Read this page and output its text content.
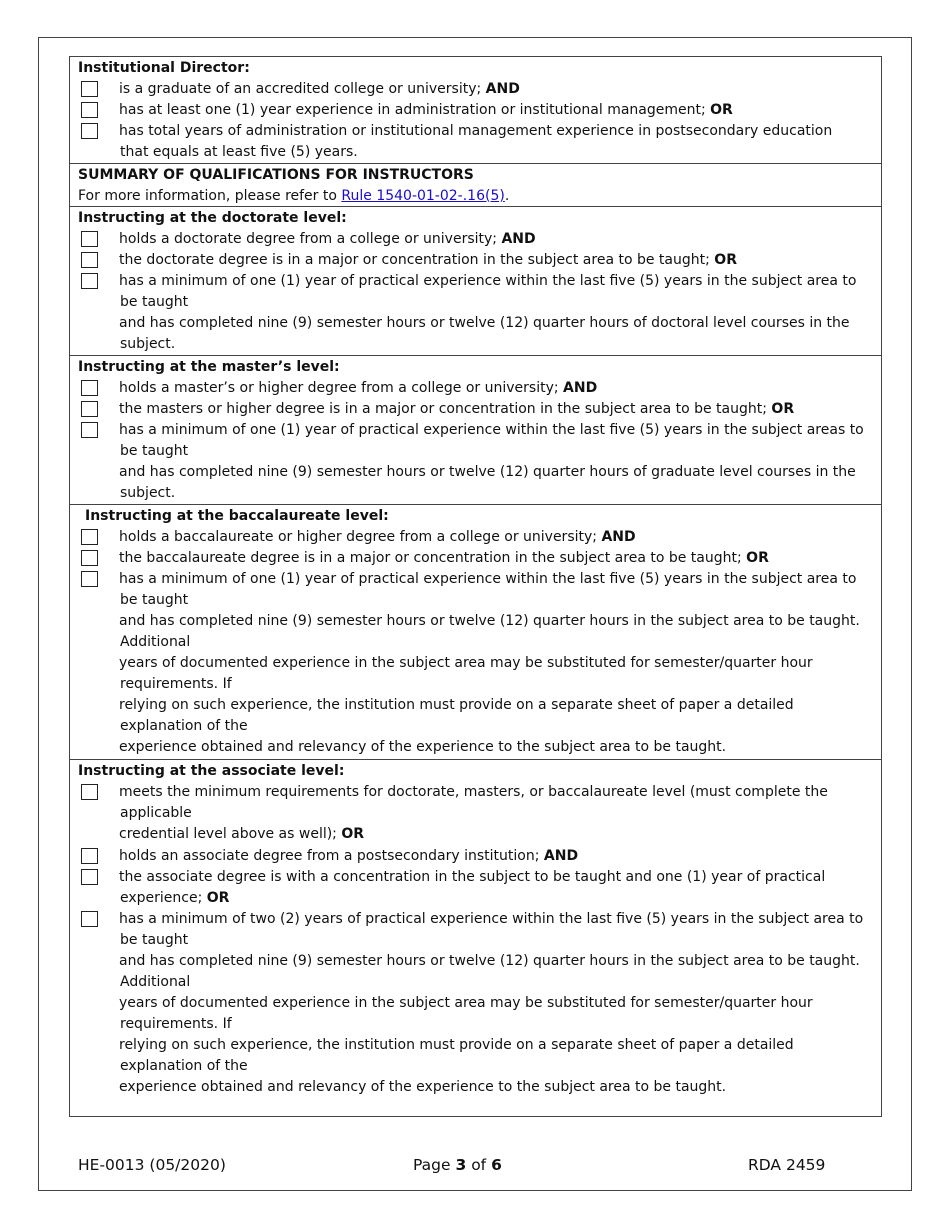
Institutional Director:
is a graduate of an accredited college or university; AND
has at least one (1) year experience in administration or institutional management; OR
has total years of administration or institutional management experience in postsecondary education
that equals at least five (5) years.
SUMMARY OF QUALIFICATIONS FOR INSTRUCTORS
For more information, please refer to Rule 1540-01-02-.16(5).
Instructing at the doctorate level:
holds a doctorate degree from a college or university; AND
the doctorate degree is in a major or concentration in the subject area to be taught; OR
has a minimum of one (1) year of practical experience within the last five (5) years in the subject area to
be taught
and has completed nine (9) semester hours or twelve (12) quarter hours of doctoral level courses in the
subject.
Instructing at the master’s level:
holds a master’s or higher degree from a college or university; AND
the masters or higher degree is in a major or concentration in the subject area to be taught; OR
has a minimum of one (1) year of practical experience within the last five (5) years in the subject areas to
be taught
and has completed nine (9) semester hours or twelve (12) quarter hours of graduate level courses in the
subject.
Instructing at the baccalaureate level:
holds a baccalaureate or higher degree from a college or university; AND
the baccalaureate degree is in a major or concentration in the subject area to be taught; OR
has a minimum of one (1) year of practical experience within the last five (5) years in the subject area to
be taught
and has completed nine (9) semester hours or twelve (12) quarter hours in the subject area to be taught.
Additional
years of documented experience in the subject area may be substituted for semester/quarter hour
requirements. If
relying on such experience, the institution must provide on a separate sheet of paper a detailed
explanation of the
experience obtained and relevancy of the experience to the subject area to be taught.
Instructing at the associate level:
meets the minimum requirements for doctorate, masters, or baccalaureate level (must complete the
applicable
credential level above as well); OR
holds an associate degree from a postsecondary institution; AND
the associate degree is with a concentration in the subject to be taught and one (1) year of practical
experience; OR
has a minimum of two (2) years of practical experience within the last five (5) years in the subject area to
be taught
and has completed nine (9) semester hours or twelve (12) quarter hours in the subject area to be taught.
Additional
years of documented experience in the subject area may be substituted for semester/quarter hour
requirements. If
relying on such experience, the institution must provide on a separate sheet of paper a detailed
explanation of the
experience obtained and relevancy of the experience to the subject area to be taught.
HE-0013 (05/2020)	Page 3 of 6	RDA 2459
